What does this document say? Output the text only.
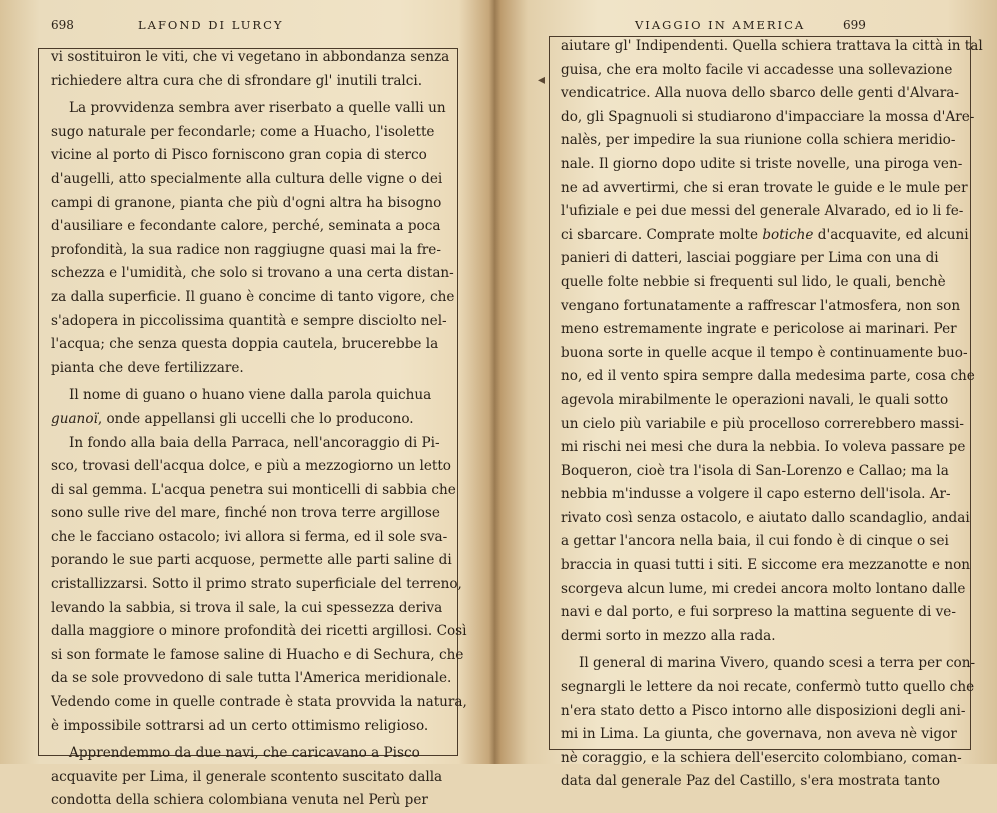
698	LAFOND DI LURCY
vi sostituiron le viti, che vi vegetano in abbondanza senza
richiedere altra cura che di sfrondare gl' inutili tralci.
La provvidenza sembra aver riserbato a quelle valli un
sugo naturale per fecondarle; come a Huacho, l'isolette
vicine al porto di Pisco forniscono gran copia di sterco
d'augelli, atto specialmente alla cultura delle vigne o dei
campi di granone, pianta che più d'ogni altra ha bisogno
d'ausiliare e fecondante calore, perché, seminata a poca
profondità, la sua radice non raggiugne quasi mai la fre-
schezza e l'umidità, che solo si trovano a una certa distan-
za dalla superficie. Il guano è concime di tanto vigore, che
s'adopera in piccolissima quantità e sempre disciolto nel-
l'acqua; che senza questa doppia cautela, brucerebbe la
pianta che deve fertilizzare.
Il nome di guano o huano viene dalla parola quichua
guanoï, onde appellansi gli uccelli che lo producono.
In fondo alla baia della Parraca, nell'ancoraggio di Pi-
sco, trovasi dell'acqua dolce, e più a mezzogiorno un letto
di sal gemma. L'acqua penetra sui monticelli di sabbia che
sono sulle rive del mare, finché non trova terre argillose
che le facciano ostacolo; ivi allora si ferma, ed il sole sva-
porando le sue parti acquose, permette alle parti saline di
cristallizzarsi. Sotto il primo strato superficiale del terreno,
levando la sabbia, si trova il sale, la cui spessezza deriva
dalla maggiore o minore profondità dei ricetti argillosi. Così
si son formate le famose saline di Huacho e di Sechura, che
da se sole provvedono di sale tutta l'America meridionale.
Vedendo come in quelle contrade è stata provvida la natura,
è impossibile sottrarsi ad un certo ottimismo religioso.
Apprendemmo da due navi, che caricavano a Pisco
acquavite per Lima, il generale scontento suscitato dalla
condotta della schiera colombiana venuta nel Perù per
VIAGGIO IN AMERICA	699
aiutare gl' Indipendenti. Quella schiera trattava la città in tal
guisa, che era molto facile vi accadesse una sollevazione
vendicatrice. Alla nuova dello sbarco delle genti d'Alvara-
do, gli Spagnuoli si studiarono d'impacciare la mossa d'Are-
nalès, per impedire la sua riunione colla schiera meridio-
nale. Il giorno dopo udite si triste novelle, una piroga ven-
ne ad avvertirmi, che si eran trovate le guide e le mule per
l'ufiziale e pei due messi del generale Alvarado, ed io li fe-
ci sbarcare. Comprate molte botiche d'acquavite, ed alcuni
panieri di datteri, lasciai poggiare per Lima con una di
quelle folte nebbie si frequenti sul lido, le quali, benchè
vengano fortunatamente a raffrescar l'atmosfera, non son
meno estremamente ingrate e pericolose ai marinari. Per
buona sorte in quelle acque il tempo è continuamente buo-
no, ed il vento spira sempre dalla medesima parte, cosa che
agevola mirabilmente le operazioni navali, le quali sotto
un cielo più variabile e più procelloso correrebbero massi-
mi rischi nei mesi che dura la nebbia. Io voleva passare pe
Boqueron, cioè tra l'isola di San-Lorenzo e Callao; ma la
nebbia m'indusse a volgere il capo esterno dell'isola. Ar-
rivato così senza ostacolo, e aiutato dallo scandaglio, andai
a gettar l'ancora nella baia, il cui fondo è di cinque o sei
braccia in quasi tutti i siti. E siccome era mezzanotte e non
scorgeva alcun lume, mi credei ancora molto lontano dalle
navi e dal porto, e fui sorpreso la mattina seguente di ve-
dermi sorto in mezzo alla rada.
Il general di marina Vivero, quando scesi a terra per con-
segnargli le lettere da noi recate, confermò tutto quello che
n'era stato detto a Pisco intorno alle disposizioni degli ani-
mi in Lima. La giunta, che governava, non aveva nè vigor
nè coraggio, e la schiera dell'esercito colombiano, coman-
data dal generale Paz del Castillo, s'era mostrata tanto
◂
